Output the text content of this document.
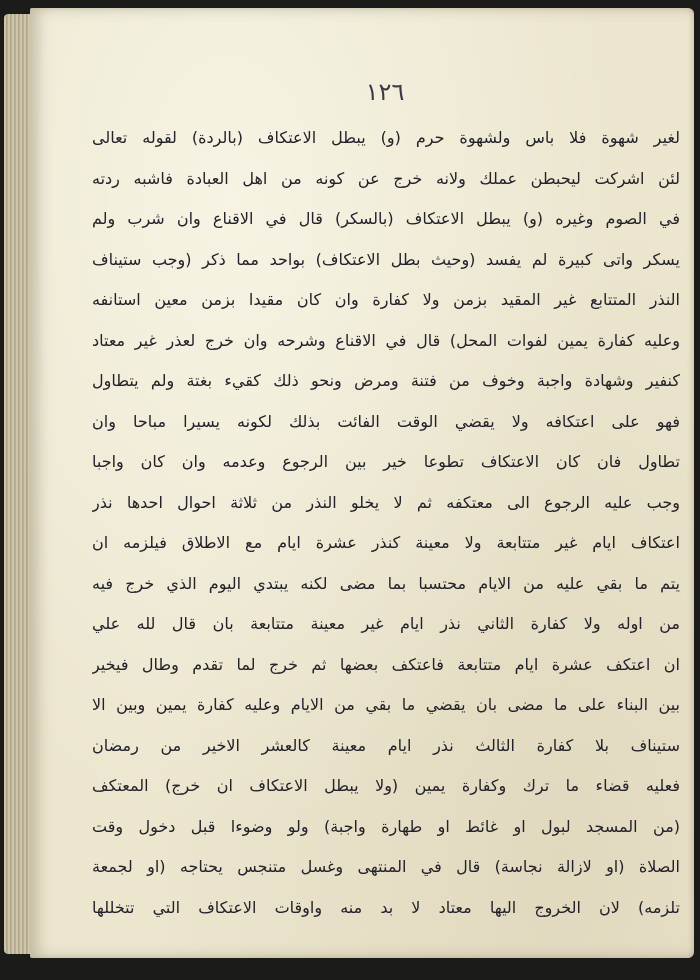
١٢٦
لغير شهوة فلا باس ولشهوة حرم (و) يبطل الاعتكاف (بالردة) لقوله تعالى
لئن اشركت ليحبطن عملك ولانه خرج عن كونه من اهل العبادة فاشبه ردته
في الصوم وغيره (و) يبطل الاعتكاف (بالسكر) قال في الاقناع وان شرب ولم
يسكر واتى كبيرة لم يفسد (وحيث بطل الاعتكاف) بواحد مما ذكر (وجب ستيناف
النذر المتتابع غير المقيد بزمن ولا كفارة وان كان مقيدا بزمن معين استانفه
وعليه كفارة يمين لفوات المحل) قال في الاقناع وشرحه وان خرج لعذر غير معتاد
كنفير وشهادة واجبة وخوف من فتنة ومرض ونحو ذلك كقيء بغتة ولم يتطاول
فهو على اعتكافه ولا يقضي الوقت الفائت بذلك لكونه يسيرا مباحا وان
تطاول فان كان الاعتكاف تطوعا خير بين الرجوع وعدمه وان كان واجبا
وجب عليه الرجوع الى معتكفه ثم لا يخلو النذر من ثلاثة احوال احدها نذر
اعتكاف ايام غير متتابعة ولا معينة كنذر عشرة ايام مع الاطلاق فيلزمه ان
يتم ما بقي عليه من الايام محتسبا بما مضى لكنه يبتدي اليوم الذي خرج فيه
من اوله ولا كفارة الثاني نذر ايام غير معينة متتابعة بان قال لله علي
ان اعتكف عشرة ايام متتابعة فاعتكف بعضها ثم خرج لما تقدم وطال فيخير
بين البناء على ما مضى بان يقضي ما بقي من الايام وعليه كفارة يمين وبين الا
ستيناف بلا كفارة الثالث نذر ايام معينة كالعشر الاخير من رمضان
فعليه قضاء ما ترك وكفارة يمين (ولا يبطل الاعتكاف ان خرج) المعتكف
(من المسجد لبول او غائط او طهارة واجبة) ولو وضوءا قبل دخول وقت
الصلاة (او لازالة نجاسة) قال في المنتهى وغسل متنجس يحتاجه (او لجمعة
تلزمه) لان الخروج اليها معتاد لا بد منه واوقات الاعتكاف التي تتخللها
